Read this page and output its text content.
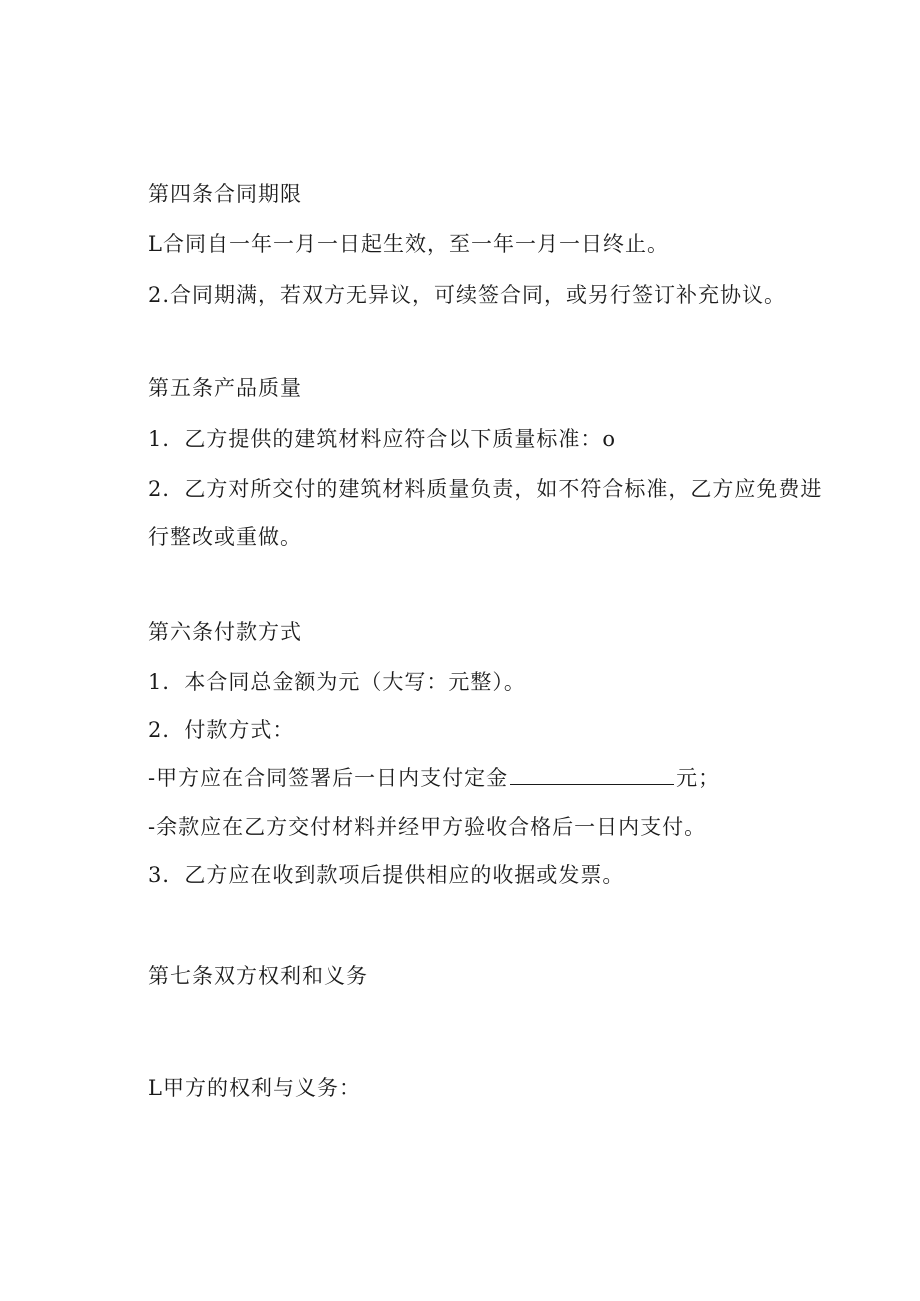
第四条合同期限
L合同自一年一月一日起生效，至一年一月一日终止。
2.合同期满，若双方无异议，可续签合同，或另行签订补充协议。
第五条产品质量
1．乙方提供的建筑材料应符合以下质量标准：o
2．乙方对所交付的建筑材料质量负责，如不符合标准，乙方应免费进
行整改或重做。
第六条付款方式
1．本合同总金额为元（大写：元整）。
2．付款方式：
-甲方应在合同签署后一日内支付定金	元；
-余款应在乙方交付材料并经甲方验收合格后一日内支付。
3．乙方应在收到款项后提供相应的收据或发票。
第七条双方权利和义务
L甲方的权利与义务：
